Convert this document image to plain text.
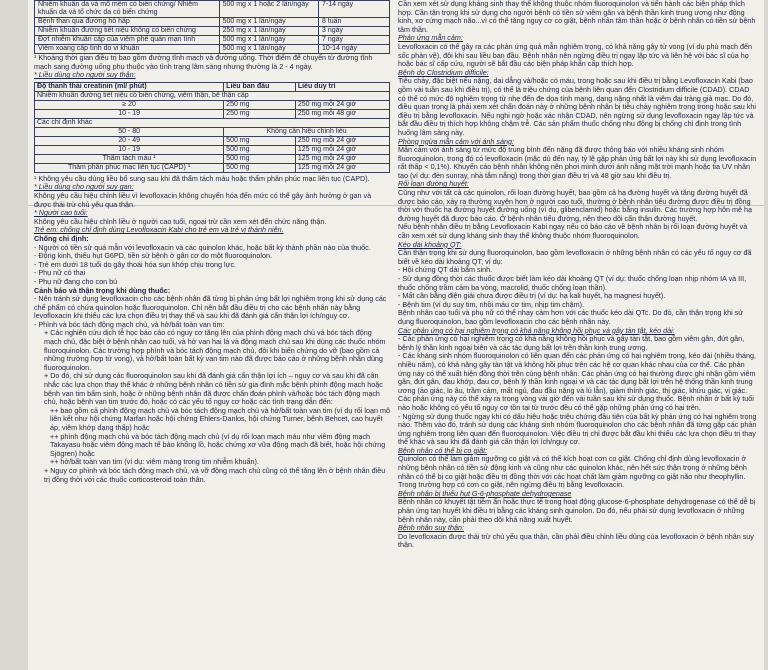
Nhiễm khuẩn da và mô mềm có biến chứng/ Nhiễm khuẩn da và tổ chức da có biến chứng	500 mg x 1 hoặc 2 lần/ngày	7-14 ngày
Bệnh than qua đường hô hấp	500 mg x 1 lần/ngày	8 tuần
Nhiễm khuẩn đường tiết niệu không có biến chứng	250 mg x 1 lần/ngày	3 ngày
Đợt nhiễm khuẩn cấp của viêm phế quản mạn tính	500 mg x 1 lần/ngày	7 ngày
Viêm xoang cấp tính do vi khuẩn	500 mg x 1 lần/ngày	10-14 ngày

¹ Khoảng thời gian điều trị bao gồm đường tĩnh mạch và đường uống. Thời điểm để chuyển từ đường tĩnh mạch sang đường uống phụ thuộc vào tình trạng lâm sàng nhưng thường là 2 - 4 ngày.

* Liều dùng cho người suy thận:

Độ thanh thải creatinin (ml/ phút)	Liều ban đầu	Liều duy trì
Nhiễm khuẩn đường tiết niệu có biến chứng, viêm thận, bể thận cấp		
≥ 20	250 mg	250 mg mỗi 24 giờ
10 - 19	250 mg	250 mg mỗi 48 giờ
Các chỉ định khác		
50 - 80	Không cần hiệu chỉnh liều	
20 - 49	500 mg	250 mg mỗi 24 giờ
10 - 19	500 mg	125 mg mỗi 24 giờ
Thẩm tách máu ¹	500 mg	125 mg mỗi 24 giờ
Thẩm phân phúc mạc liên tục (CAPD) ¹	500 mg	125 mg mỗi 24 giờ

¹ Không yêu cầu dùng liều bổ sung sau khi đã thẩm tách máu hoặc thẩm phân phúc mạc liên tục (CAPD).

* Liều dùng cho người suy gan:

Không yêu cầu hiệu chỉnh liều vì levofloxacin không chuyển hóa đến mức có thể gây ảnh hưởng ở gan và được thải trừ chủ yếu qua thận.

* Người cao tuổi:

Không yêu cầu hiệu chỉnh liều ở người cao tuổi, ngoại trừ cần xem xét đến chức năng thận.

Trẻ em: chống chỉ định dùng Levofloxacin Kabi cho trẻ em và trẻ vị thành niên.

Chống chỉ định:

- Người có tiền sử quá mẫn với levofloxacin và các quinolon khác, hoặc bất kỳ thành phần nào của thuốc.

- Động kinh, thiếu hụt G6PD, tiền sử bệnh ở gân cơ do một fluoroquinolon.

- Trẻ em dưới 18 tuổi do gây thoái hóa sụn khớp chịu trọng lực.

- Phụ nữ có thai

- Phụ nữ đang cho con bú

Cảnh báo và thận trọng khi dùng thuốc:

- Nên tránh sử dụng levofloxacin cho các bệnh nhân đã từng bị phản ứng bất lợi nghiêm trọng khi sử dụng các chế phẩm có chứa quinolon hoặc fluoroquinolon. Chỉ nên bắt đầu điều trị cho các bệnh nhân này bằng levofloxacin khi thiếu các lựa chọn điều trị thay thế và sau khi đã đánh giá cẩn thận lợi ích/nguy cơ.

- Phình và bóc tách động mạch chủ, và hở/bất toàn van tim:

+ Các nghiên cứu dịch tễ học báo cáo có nguy cơ tăng lên của phình động mạch chủ và bóc tách động mạch chủ, đặc biệt ở bệnh nhân cao tuổi, và hở van hai lá và động mạch chủ sau khi dùng các thuốc nhóm fluoroquinolon. Các trường hợp phình và bóc tách động mạch chủ, đôi khi biến chứng do vỡ (bao gồm cả những trường hợp tử vong), và hở/bất toàn bất kỳ van tim nào đã được báo cáo ở những bệnh nhân dùng fluoroquinolon.

+ Do đó, chỉ sử dụng các fluoroquinolon sau khi đã đánh giá cẩn thận lợi ích – nguy cơ và sau khi đã cân nhắc các lựa chọn thay thế khác ở những bệnh nhân có tiền sử gia đình mắc bệnh phình động mạch hoặc bệnh van tim bẩm sinh, hoặc ở những bệnh nhân đã được chẩn đoán phình và/hoặc bóc tách động mạch chủ, hoặc bệnh van tim trước đó, hoặc có các yếu tố nguy cơ hoặc các tình trạng dẫn đến:

++ bao gồm cả phình động mạch chủ và bóc tách động mạch chủ và hở/bất toàn van tim (ví dụ rối loạn mô liên kết như hội chứng Marfan hoặc hội chứng Ehlers-Danlos, hội chứng Turner, bệnh Behcet, cao huyết áp, viêm khớp dạng thấp) hoặc

++ phình động mạch chủ và bóc tách động mạch chủ (ví dụ rối loạn mạch máu như viêm động mạch Takayasu hoặc viêm động mạch tế bào khổng lồ, hoặc chứng xơ vữa động mạch đã biết, hoặc hội chứng Sjögren) hoặc

++ hở/bất toàn van tim (ví dụ: viêm màng trong tim nhiễm khuẩn).

+ Nguy cơ phình và bóc tách động mạch chủ, và vỡ động mạch chủ cũng có thể tăng lên ở bệnh nhân điều trị đồng thời với các thuốc corticosteroid toàn thân.

Cần xem xét sử dụng kháng sinh thay thế không thuộc nhóm fluoroquinolon và tiến hành các biện pháp thích hợp. Cần tận trọng khi sử dụng cho người bệnh có tiền sử viêm gân và bệnh thần kinh trung ương như động kinh, xơ cứng mạch não...vì có thể tăng nguy cơ co giật, bệnh nhân tâm thần hoặc ở bệnh nhân có tiền sử bệnh tâm thần.

Phản ứng mẫn cảm:

Levofloxacin có thể gây ra các phản ứng quá mẫn nghiêm trọng, có khả năng gây tử vong (ví dụ phù mạch đến sốc phản vệ), đôi khi sau liều ban đầu. Bệnh nhân nên ngừng điều trị ngay lập tức và liên hệ với bác sĩ của họ hoặc bác sĩ cấp cứu, người sẽ bắt đầu các biện pháp khẩn cấp thích hợp.

Bệnh do Clostridium difficile:

Tiêu chảy, đặc biệt nếu nặng, dai dẳng và/hoặc có máu, trong hoặc sau khi điều trị bằng Levofloxacin Kabi (bao gồm vài tuần sau khi điều trị), có thể là triệu chứng của bệnh liên quan đến Clostridium difficile (CDAD). CDAD có thể có mức độ nghiêm trọng từ nhẹ đến đe dọa tính mạng, dạng nặng nhất là viêm đại tràng giả mạc. Do đó, điều quan trọng là phải xem xét chẩn đoán này ở những bệnh nhân bị tiêu chảy nghiêm trọng trong hoặc sau khi điều trị bằng levofloxacin. Nếu nghi ngờ hoặc xác nhận CDAD, nên ngừng sử dụng levofloxacin ngay lập tức và bắt đầu điều trị thích hợp không chậm trễ. Các sản phẩm thuốc chống nhu động bị chống chỉ định trong tình huống lâm sàng này.

Phòng ngừa mẫn cảm với ánh sáng:

Mẫn cảm với ánh sáng từ mức độ trung bình đến nặng đã được thông báo với nhiều kháng sinh nhóm fluoroquinolon, trong đó có levofloxacin (mặc dù đến nay, tỷ lệ gặp phản ứng bất lợi này khi sử dụng levofloxacin rất thấp < 0,1%). Khuyến cáo bệnh nhân không nên phơi mình dưới ánh nắng mặt trời mạnh hoặc tia UV nhân tạo (ví dụ: đèn sunray, nhà tắm nắng) trong thời gian điều trị và 48 giờ sau khi điều trị.

Rối loạn đường huyết:

Cũng như với tất cả các quinolon, rối loạn đường huyết, bao gồm cả hạ đường huyết và tăng đường huyết đã được báo cáo, xảy ra thường xuyên hơn ở người cao tuổi, thường ở bệnh nhân tiểu đường được điều trị đồng thời với thuốc hạ đường huyết đường uống (ví dụ, glibenclamid) hoặc bằng insulin. Các trường hợp hôn mê hạ đường huyết đã được báo cáo. Ở bệnh nhân tiểu đường, nên theo dõi cẩn thận đường huyết.

Nếu bệnh nhân điều trị bằng Levofloxacin Kabi ngay nếu có báo cáo về bệnh nhân bị rối loạn đường huyết và cần xem xét sử dụng kháng sinh thay thế không thuộc nhóm fluoroquinolon.

Kéo dài khoảng QT:

Cần thận trọng khi sử dụng fluoroquinolon, bao gồm levofloxacin ở những bệnh nhân có các yếu tố nguy cơ đã biết về kéo dài khoảng QT, ví dụ:

- Hội chứng QT dài bẩm sinh.

- Sử dụng đồng thời các thuốc được biết làm kéo dài khoảng QT (ví dụ: thuốc chống loạn nhịp nhóm IA và III, thuốc chống trầm cảm ba vòng, macrolid, thuốc chống loạn thần).

- Mất cân bằng điện giải chưa được điều trị (ví dụ: hạ kali huyết, hạ magnesi huyết).

- Bệnh tim (ví dụ suy tim, nhồi máu cơ tim, nhịp tim chậm).

Bệnh nhân cao tuổi và phụ nữ có thể nhạy cảm hơn với các thuốc kéo dài QTc. Do đó, cần thận trọng khi sử dụng fluoroquinolon, bao gồm levofloxacin cho các bệnh nhân này.

Các phản ứng có hại nghiêm trọng có khả năng không hồi phục và gây tàn tật, kéo dài:

- Các phản ứng có hại nghiêm trọng có khả năng không hồi phục và gây tàn tật, bao gồm viêm gân, đứt gân, bệnh lý thần kinh ngoại biên và các tác dụng bất lợi trên thần kinh trung ương.

- Các kháng sinh nhóm fluoroquinolon có liên quan đến các phản ứng có hại nghiêm trọng, kéo dài (nhiều tháng, nhiều năm), có khả năng gây tàn tật và không hồi phục trên các hệ cơ quan khác nhau của cơ thể. Các phản ứng này có thể xuất hiện đồng thời trên cùng bệnh nhân. Các phản ứng có hại thường được ghi nhận gồm viêm gân, đứt gân, đau khớp, đau cơ, bệnh lý thần kinh ngoại vi và các tác dụng bất lợi trên hệ thống thần kinh trung ương (ảo giác, lo âu, trầm cảm, mất ngủ, đau đầu nặng và lú lẫn), giảm thính giác, thị giác, khứu giác, vị giác. Các phản ứng này có thể xảy ra trong vòng vài giờ đến vài tuần sau khi sử dụng thuốc. Bệnh nhân ở bất kỳ tuổi nào hoặc không có yếu tố nguy cơ tồn tại từ trước đều có thể gặp những phản ứng có hại trên.

- Ngừng sử dụng thuốc ngay khi có dấu hiệu hoặc triệu chứng đầu tiên của bất kỳ phản ứng có hại nghiêm trọng nào. Thêm vào đó, tránh sử dụng các kháng sinh nhóm fluoroquinolon cho các bệnh nhân đã từng gặp các phản ứng nghiêm trọng liên quan đến fluoroquinolon. Việc điều trị chỉ được bắt đầu khi thiếu các lựa chọn điều trị thay thế khác và sau khi đã đánh giá cẩn thận lợi ích/nguy cơ.

Bệnh nhân có thể bị co giật:

Quinolon có thể làm giảm ngưỡng co giật và có thể kích hoạt cơn co giật. Chống chỉ định dùng levofloxacin ở những bệnh nhân có tiền sử động kinh và cũng như các quinolon khác, nên hết sức thận trọng ở những bệnh nhân có thể bị co giật hoặc điều trị đồng thời với các hoạt chất làm giảm ngưỡng co giật não như theophyllin. Trong trường hợp có cơn co giật, nên ngừng điều trị bằng levofloxacin.

Bệnh nhân bị thiếu hụt G-6-phosphate dehydrogenase

Bệnh nhân có khuyết tật tiềm ẩn hoặc thực tế trong hoạt động glucose-6-phosphate dehydrogenase có thể dễ bị phản ứng tan huyết khi điều trị bằng các kháng sinh quinolon. Do đó, nếu phải sử dụng levofloxacin ở những bệnh nhân này, cần phải theo dõi khả năng xuất huyết.

Bệnh nhân suy thận:

Do levofloxacin được thải trừ chủ yếu qua thận, cần phải điều chỉnh liều dùng của levofloxacin ở bệnh nhân suy thận.
